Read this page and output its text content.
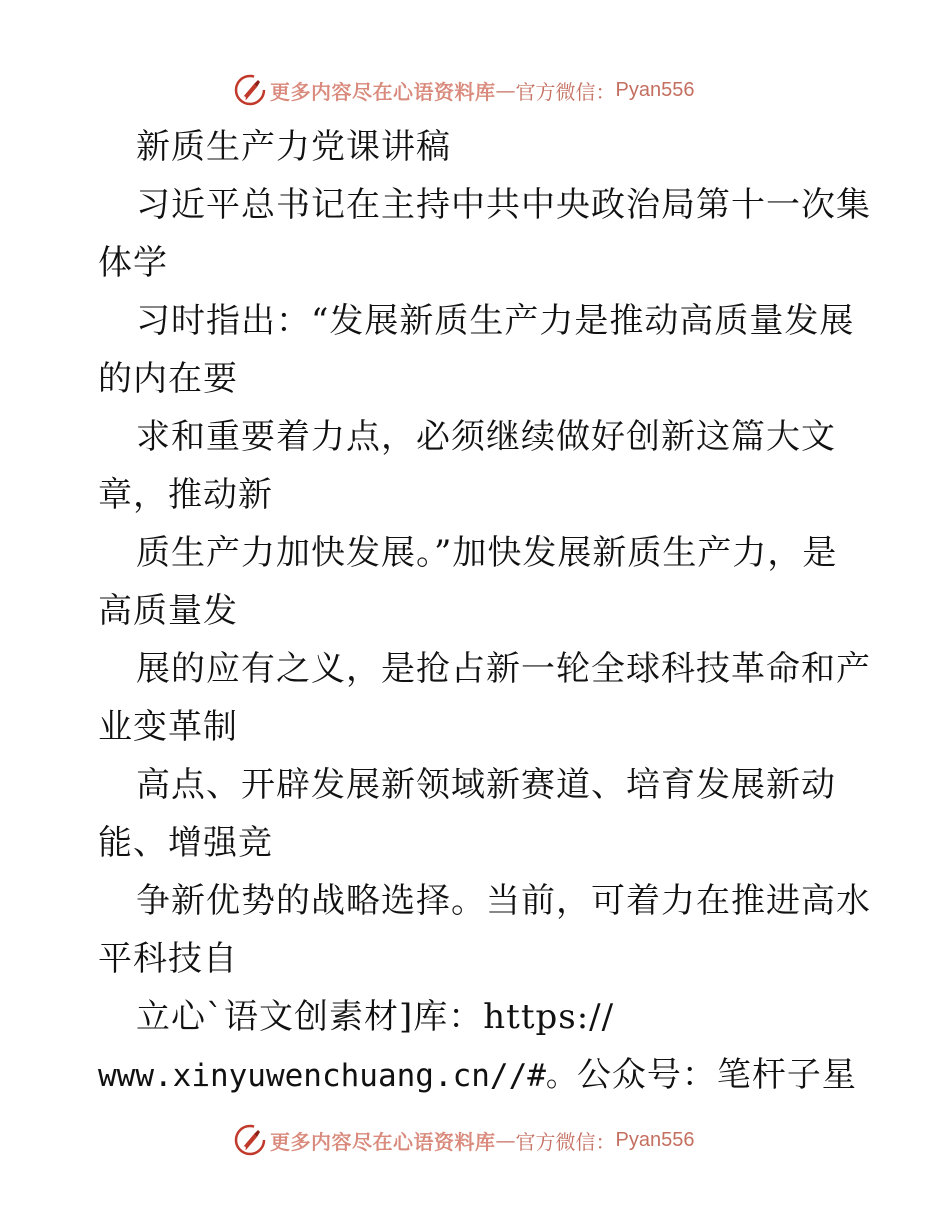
更多内容尽在心语资料库 — 官方微信： Pyan556
新质生产力党课讲稿
习近平总书记在主持中共中央政治局第十一次集
体学
习时指出：“发展新质生产力是推动高质量发展
的内在要
求和重要着力点，必须继续做好创新这篇大文
章，推动新
质生产力加快发展。”加快发展新质生产力，是
高质量发
展的应有之义，是抢占新一轮全球科技革命和产
业变革制
高点、开辟发展新领域新赛道、培育发展新动
能、增强竞
争新优势的战略选择。当前，可着力在推进高水
平科技自
立心`语文创素材]库：https://
www.xinyuwenchuang.cn//#。公众号：笔杆子星
更多内容尽在心语资料库 — 官方微信： Pyan556
